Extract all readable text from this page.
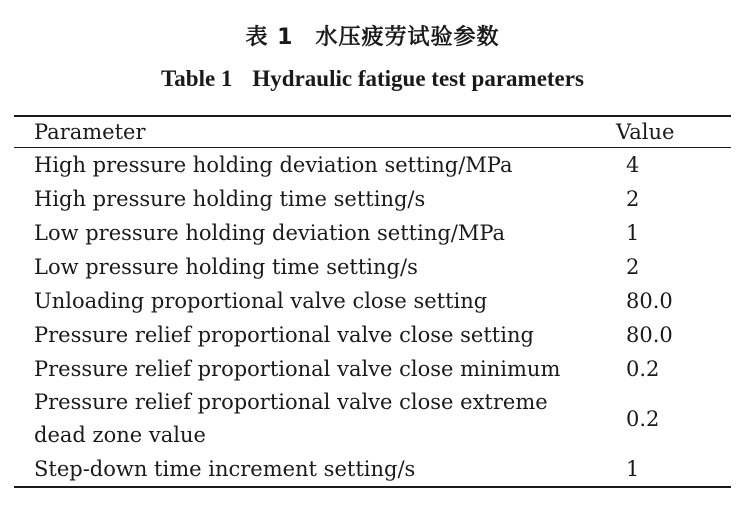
表 1 水压疲劳试验参数
Table 1 Hydraulic fatigue test parameters
Parameter	Value
High pressure holding deviation setting/MPa	4
High pressure holding time setting/s	2
Low pressure holding deviation setting/MPa	1
Low pressure holding time setting/s	2
Unloading proportional valve close setting	80.0
Pressure relief proportional valve close setting	80.0
Pressure relief proportional valve close minimum	0.2

Pressure relief proportional valve close extreme
dead zone value	0.2
Step-down time increment setting/s	1
